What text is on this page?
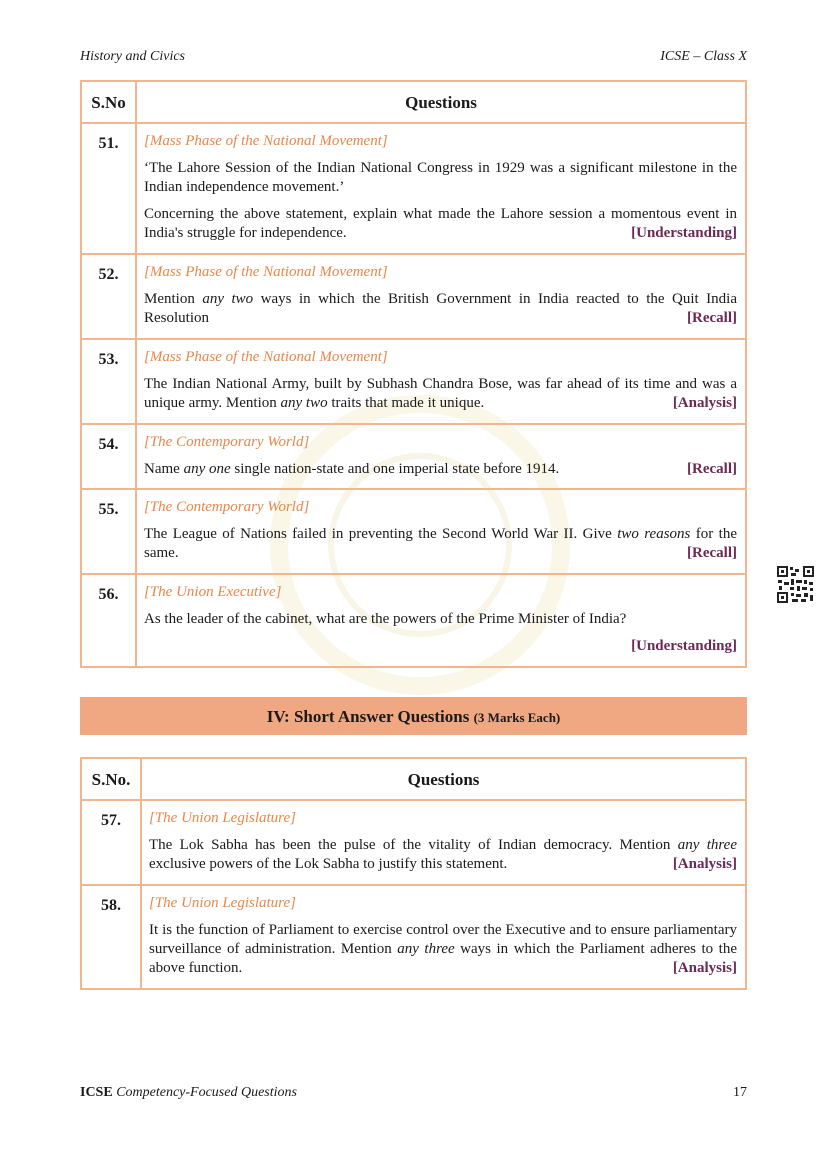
History and Civics	ICSE – Class X
S.No	Questions
51.	[Mass Phase of the National Movement]
‘The Lahore Session of the Indian National Congress in 1929 was a significant milestone in the Indian independence movement.’
Concerning the above statement, explain what made the Lahore session a momentous event in India's struggle for independence. [Understanding]

52.	[Mass Phase of the National Movement]
Mention any two ways in which the British Government in India reacted to the Quit India Resolution [Recall]

53.	[Mass Phase of the National Movement]
The Indian National Army, built by Subhash Chandra Bose, was far ahead of its time and was a unique army. Mention any two traits that made it unique. [Analysis]

54.	[The Contemporary World]
Name any one single nation-state and one imperial state before 1914. [Recall]

55.	[The Contemporary World]
The League of Nations failed in preventing the Second World War II. Give two reasons for the same. [Recall]

56.	[The Union Executive]
As the leader of the cabinet, what are the powers of the Prime Minister of India?
[Understanding]
IV: Short Answer Questions (3 Marks Each)
S.No.	Questions
57.	[The Union Legislature]
The Lok Sabha has been the pulse of the vitality of Indian democracy. Mention any three exclusive powers of the Lok Sabha to justify this statement. [Analysis]

58.	[The Union Legislature]
It is the function of Parliament to exercise control over the Executive and to ensure parliamentary surveillance of administration. Mention any three ways in which the Parliament adheres to the above function. [Analysis]
ICSE Competency-Focused Questions	17
